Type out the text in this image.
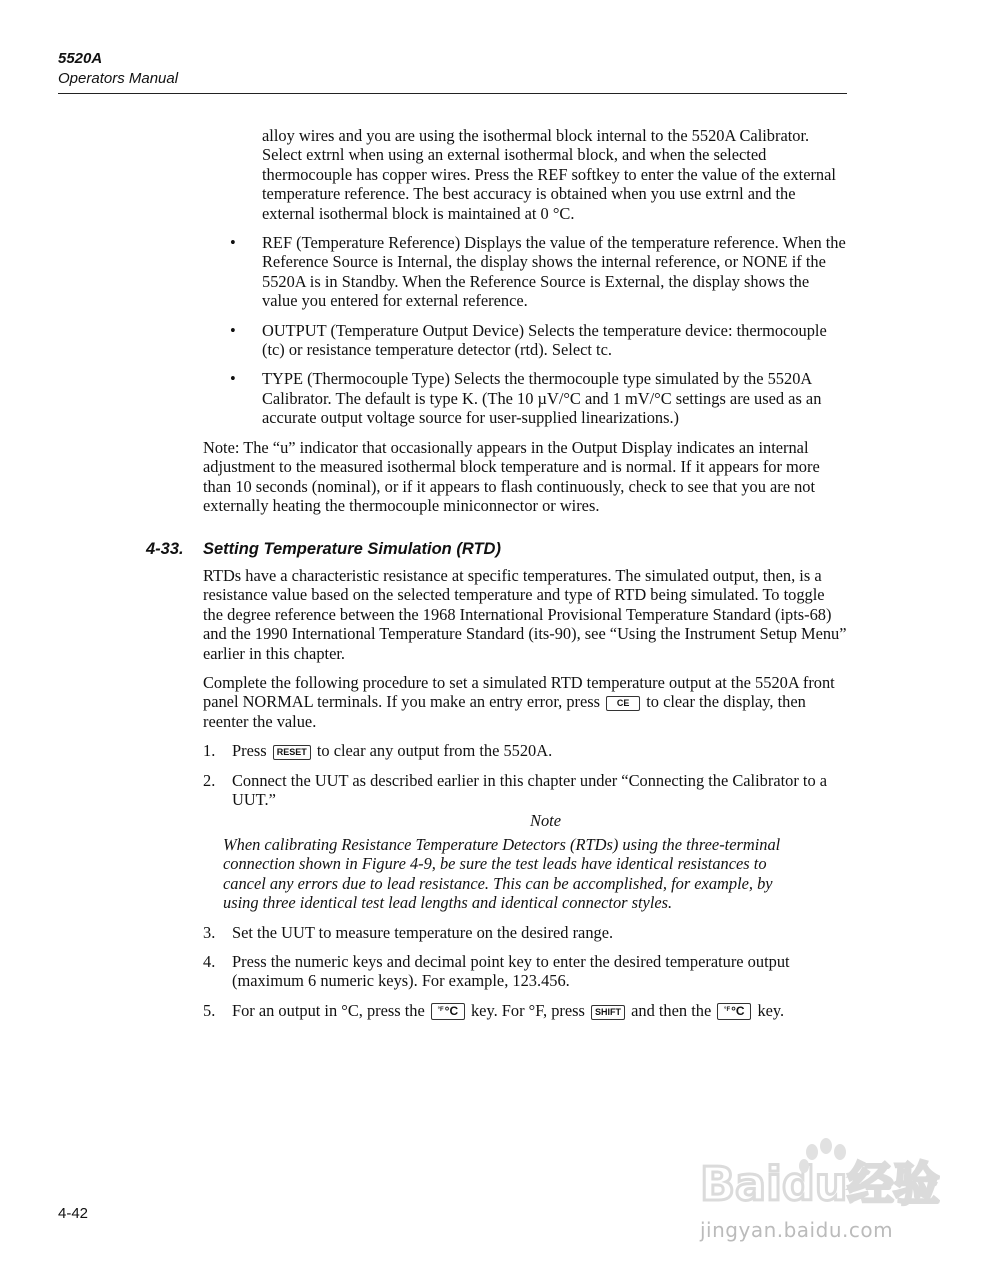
5520A
Operators Manual

alloy wires and you are using the isothermal block internal to the 5520A Calibrator. Select extrnl when using an external isothermal block, and when the selected thermocouple has copper wires. Press the REF softkey to enter the value of the external temperature reference. The best accuracy is obtained when you use extrnl and the external isothermal block is maintained at 0 °C.

• REF (Temperature Reference) Displays the value of the temperature reference. When the Reference Source is Internal, the display shows the internal reference, or NONE if the 5520A is in Standby. When the Reference Source is External, the display shows the value you entered for external reference.
• OUTPUT (Temperature Output Device) Selects the temperature device: thermocouple (tc) or resistance temperature detector (rtd). Select tc.
• TYPE (Thermocouple Type) Selects the thermocouple type simulated by the 5520A Calibrator. The default is type K. (The 10 µV/°C and 1 mV/°C settings are used as an accurate output voltage source for user-supplied linearizations.)

Note: The “u” indicator that occasionally appears in the Output Display indicates an internal adjustment to the measured isothermal block temperature and is normal. If it appears for more than 10 seconds (nominal), or if it appears to flash continuously, check to see that you are not externally heating the thermocouple miniconnector or wires.

4-33. Setting Temperature Simulation (RTD)

RTDs have a characteristic resistance at specific temperatures. The simulated output, then, is a resistance value based on the selected temperature and type of RTD being simulated. To toggle the degree reference between the 1968 International Provisional Temperature Standard (ipts-68) and the 1990 International Temperature Standard (its-90), see “Using the Instrument Setup Menu” earlier in this chapter.

Complete the following procedure to set a simulated RTD temperature output at the 5520A front panel NORMAL terminals. If you make an entry error, press CE to clear the display, then reenter the value.

1. Press RESET to clear any output from the 5520A.
2. Connect the UUT as described earlier in this chapter under “Connecting the Calibrator to a UUT.”
Note
When calibrating Resistance Temperature Detectors (RTDs) using the three-terminal connection shown in Figure 4-9, be sure the test leads have identical resistances to cancel any errors due to lead resistance. This can be accomplished, for example, by using three identical test lead lengths and identical connector styles.
3. Set the UUT to measure temperature on the desired range.
4. Press the numeric keys and decimal point key to enter the desired temperature output (maximum 6 numeric keys). For example, 123.456.
5. For an output in °C, press the $^{^\circ F}$°C key. For °F, press SHIFT and then the $^{^\circ F}$°C key.
4-42
Baidu经验
jingyan.baidu.com
